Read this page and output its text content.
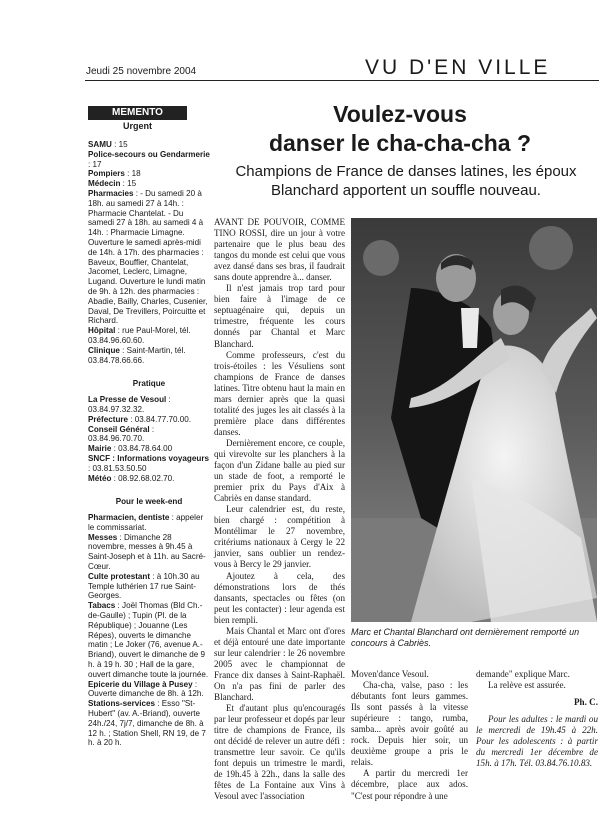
Jeudi 25 novembre 2004	VU D'EN VILLE
MEMENTO
Urgent

SAMU : 15

Police-secours ou Gendarmerie : 17

Pompiers : 18

Médecin : 15

Pharmacies : - Du samedi 20 à 18h. au samedi 27 à 14h. : Pharmacie Chantelat. - Du samedi 27 à 18h. au samedi 4 à 14h. : Pharmacie Limagne. Ouverture le samedi après-midi de 14h. à 17h. des pharmacies : Baveux, Bouffier, Chantelat, Jacomet, Leclerc, Limagne, Lugand. Ouverture le lundi matin de 9h. à 12h. des pharmacies : Abadie, Bailly, Charles, Cusenier, Daval, De Trevillers, Poircuitte et Richard.

Hôpital : rue Paul-Morel, tél. 03.84.96.60.60.

Clinique : Saint-Martin, tél. 03.84.78.66.66.

Pratique

La Presse de Vesoul : 03.84.97.32.32.

Préfecture : 03.84.77.70.00.

Conseil Général : 03.84.96.70.70.

Mairie : 03.84.78.64.00

SNCF : Informations voyageurs : 03.81.53.50.50

Météo : 08.92.68.02.70.

Pour le week-end

Pharmacien, dentiste : appeler le commissariat.

Messes : Dimanche 28 novembre, messes à 9h.45 à Saint-Joseph et à 11h. au Sacré-Cœur.

Culte protestant : à 10h.30 au Temple luthérien 17 rue Saint-Georges.

Tabacs : Joël Thomas (Bld Ch.-de-Gaulle) ; Tupin (Pl. de la République) ; Jouanne (Les Répes), ouverts le dimanche matin ; Le Joker (76, avenue A.-Briand), ouvert le dimanche de 9 h. à 19 h. 30 ; Hall de la gare, ouvert dimanche toute la journée.

Epicerie du Village à Pusey : Ouverte dimanche de 8h. à 12h.

Stations-services : Esso "St-Hubert" (av. A.-Briand), ouverte 24h./24, 7j/7, dimanche de 8h. à 12 h. ; Station Shell, RN 19, de 7 h. à 20 h.

Voulez-vous
danser le cha-cha-cha ?
Champions de France de danses latines, les époux Blanchard apportent un souffle nouveau.
Marc et Chantal Blanchard ont dernièrement remporté un concours à Cabriès.

AVANT DE POUVOIR, COMME TINO ROSSI, dire un jour à votre partenaire que le plus beau des tangos du monde est celui que vous avez dansé dans ses bras, il faudrait sans doute apprendre à... danser.

Il n'est jamais trop tard pour bien faire à l'image de ce septuagénaire qui, depuis un trimestre, fréquente les cours donnés par Chantal et Marc Blanchard.

Comme professeurs, c'est du trois-étoiles : les Vésuliens sont champions de France de danses latines. Titre obtenu haut la main en mars dernier après que la quasi totalité des juges les ait classés à la première place dans différentes danses.

Dernièrement encore, ce couple, qui virevolte sur les planchers à la façon d'un Zidane balle au pied sur un stade de foot, a remporté le premier prix du Pays d'Aix à Cabriès en danse standard.

Leur calendrier est, du reste, bien chargé : compétition à Montélimar le 27 novembre, critériums nationaux à Cergy le 22 janvier, sans oublier un rendez-vous à Bercy le 29 janvier.

Ajoutez à cela, des démonstrations lors de thés dansants, spectacles ou fêtes (on peut les contacter) : leur agenda est bien rempli.

Mais Chantal et Marc ont d'ores et déjà entouré une date importante sur leur calendrier : le 26 novembre 2005 avec le championnat de France dix danses à Saint-Raphaël. On n'a pas fini de parler des Blanchard.

Et d'autant plus qu'encouragés par leur professeur et dopés par leur titre de champions de France, ils ont décidé de relever un autre défi : transmettre leur savoir. Ce qu'ils font depuis un trimestre le mardi, de 19h.45 à 22h., dans la salle des fêtes de La Fontaine aux Vins à Vesoul avec l'association

Moven'dance Vesoul.

Cha-cha, valse, paso : les débutants font leurs gammes. Ils sont passés à la vitesse supérieure : tango, rumba, samba... après avoir goûté au rock. Depuis hier soir, un deuxième groupe a pris le relais.

A partir du mercredi 1er décembre, place aux ados. "C'est pour répondre à une

demande" explique Marc.

La relève est assurée.

Ph. C.

Pour les adultes : le mardi ou le mercredi de 19h.45 à 22h. Pour les adolescents : à partir du mercredi 1er décembre de 15h. à 17h. Tél. 03.84.76.10.83.
